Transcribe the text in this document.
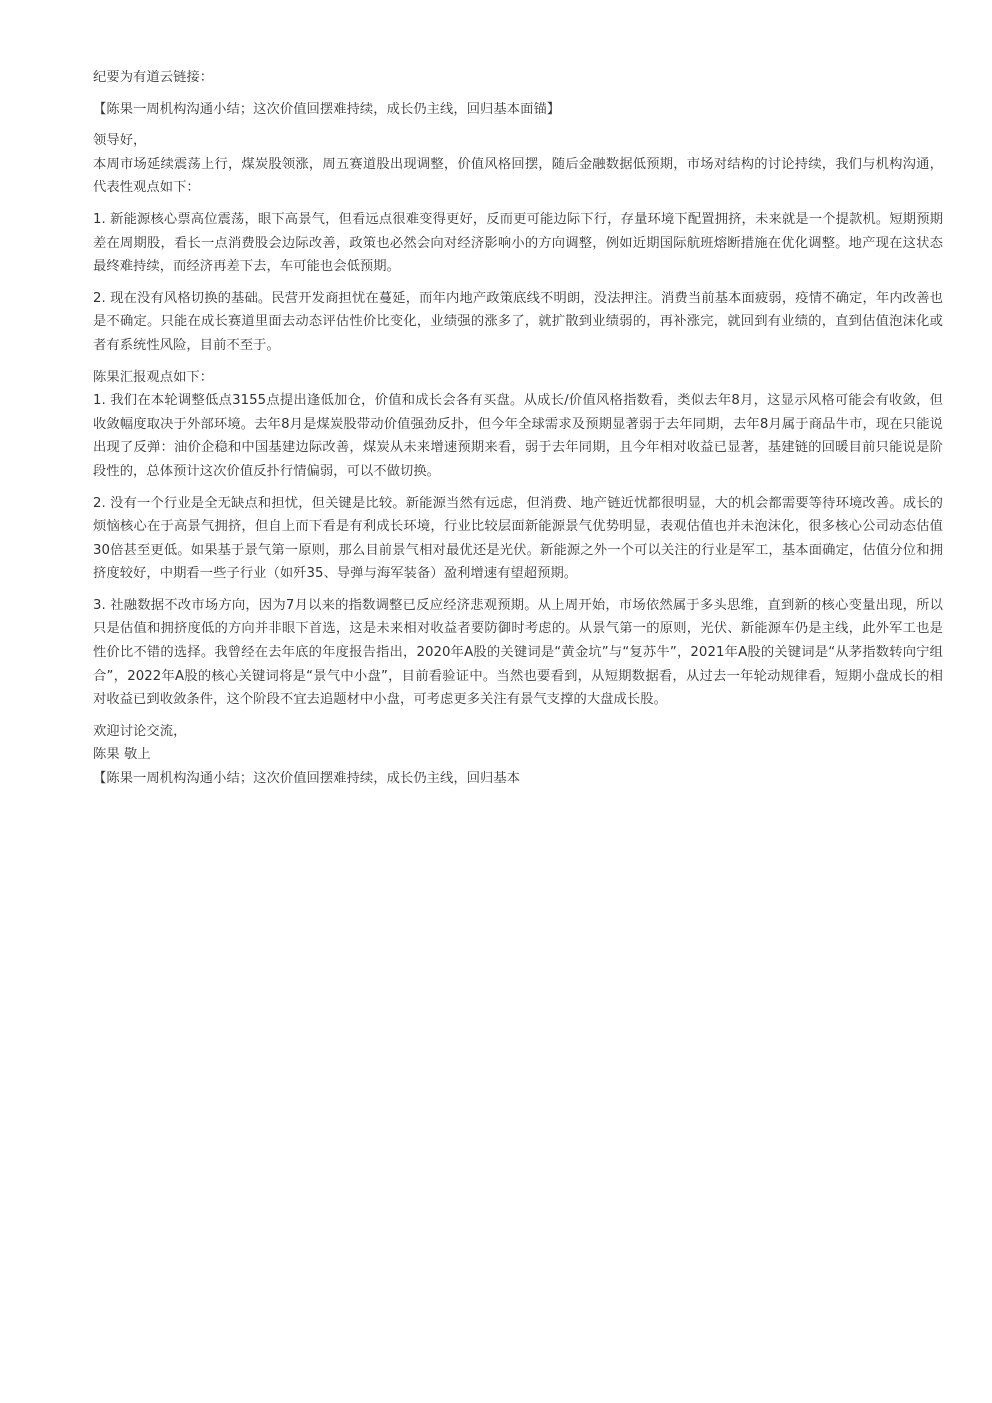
纪要为有道云链接：

【陈果一周机构沟通小结；这次价值回摆难持续，成长仍主线，回归基本面锚】

领导好，

本周市场延续震荡上行，煤炭股领涨，周五赛道股出现调整，价值风格回摆，随后金融数据低预期，市场对结构的讨论持续，我们与机构沟通，代表性观点如下：

1. 新能源核心票高位震荡，眼下高景气，但看远点很难变得更好，反而更可能边际下行，存量环境下配置拥挤，未来就是一个提款机。短期预期差在周期股，看长一点消费股会边际改善，政策也必然会向对经济影响小的方向调整，例如近期国际航班熔断措施在优化调整。地产现在这状态最终难持续，而经济再差下去，车可能也会低预期。

2. 现在没有风格切换的基础。民营开发商担忧在蔓延，而年内地产政策底线不明朗，没法押注。消费当前基本面疲弱，疫情不确定，年内改善也是不确定。只能在成长赛道里面去动态评估性价比变化，业绩强的涨多了，就扩散到业绩弱的，再补涨完，就回到有业绩的，直到估值泡沫化或者有系统性风险，目前不至于。

陈果汇报观点如下：

1. 我们在本轮调整低点3155点提出逢低加仓，价值和成长会各有买盘。从成长/价值风格指数看，类似去年8月，这显示风格可能会有收敛，但收敛幅度取决于外部环境。去年8月是煤炭股带动价值强劲反扑，但今年全球需求及预期显著弱于去年同期，去年8月属于商品牛市，现在只能说出现了反弹：油价企稳和中国基建边际改善，煤炭从未来增速预期来看，弱于去年同期，且今年相对收益已显著，基建链的回暖目前只能说是阶段性的，总体预计这次价值反扑行情偏弱，可以不做切换。

2. 没有一个行业是全无缺点和担忧，但关键是比较。新能源当然有远虑，但消费、地产链近忧都很明显，大的机会都需要等待环境改善。成长的烦恼核心在于高景气拥挤，但自上而下看是有利成长环境，行业比较层面新能源景气优势明显，表观估值也并未泡沫化，很多核心公司动态估值30倍甚至更低。如果基于景气第一原则，那么目前景气相对最优还是光伏。新能源之外一个可以关注的行业是军工，基本面确定，估值分位和拥挤度较好，中期看一些子行业（如歼35、导弹与海军装备）盈利增速有望超预期。

3. 社融数据不改市场方向，因为7月以来的指数调整已反应经济悲观预期。从上周开始，市场依然属于多头思维，直到新的核心变量出现，所以只是估值和拥挤度低的方向并非眼下首选，这是未来相对收益者要防御时考虑的。从景气第一的原则，光伏、新能源车仍是主线，此外军工也是性价比不错的选择。我曾经在去年底的年度报告指出，2020年A股的关键词是“黄金坑”与“复苏牛”，2021年A股的关键词是“从茅指数转向宁组合”，2022年A股的核心关键词将是“景气中小盘”，目前看验证中。当然也要看到，从短期数据看，从过去一年轮动规律看，短期小盘成长的相对收益已到收敛条件，这个阶段不宜去追题材中小盘，可考虑更多关注有景气支撑的大盘成长股。

欢迎讨论交流，

陈果 敬上

【陈果一周机构沟通小结；这次价值回摆难持续，成长仍主线，回归基本
